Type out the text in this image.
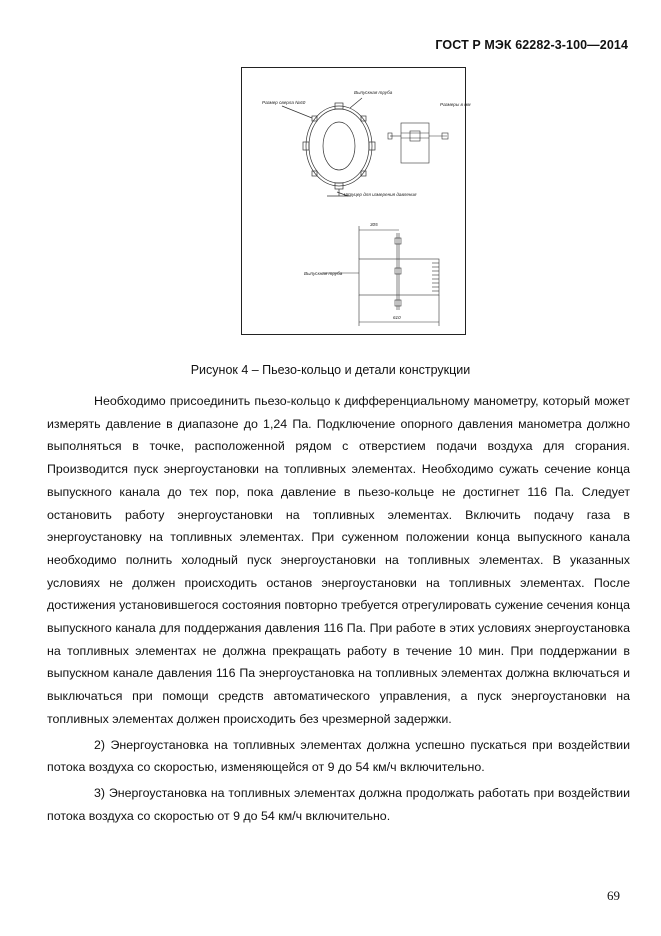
ГОСТ Р МЭК 62282-3-100—2014
Размер сверла №60
Выпускная труба
Размеры в мм
Штуцер для измерения давления
Выпускная труба
305
610
Рисунок 4 – Пьезо-кольцо и детали конструкции

Необходимо присоединить пьезо-кольцо к дифференциальному манометру, который может измерять давление в диапазоне до 1,24 Па. Подключение опорного давления манометра должно выполняться в точке, расположенной рядом с отверстием подачи воздуха для сгорания. Производится пуск энергоустановки на топливных элементах. Необходимо сужать сечение конца выпускного канала до тех пор, пока давление в пьезо-кольце не достигнет 116 Па. Следует остановить работу энергоустановки на топливных элементах. Включить подачу газа в энергоустановку на топливных элементах. При суженном положении конца выпускного канала необходимо полнить холодный пуск энергоустановки на топливных элементах. В указанных условиях не должен происходить останов энергоустановки на топливных элементах. После достижения установившегося состояния повторно требуется отрегулировать сужение сечения конца выпускного канала для поддержания давления 116 Па. При работе в этих условиях энергоустановка на топливных элементах не должна прекращать работу в течение 10 мин. При поддержании в выпускном канале давления 116 Па энергоустановка на топливных элементах должна включаться и выключаться при помощи средств автоматического управления, а пуск энергоустановки на топливных элементах должен происходить без чрезмерной задержки.

2) Энергоустановка на топливных элементах должна успешно пускаться при воздействии потока воздуха со скоростью, изменяющейся от 9 до 54 км/ч включительно.

3) Энергоустановка на топливных элементах должна продолжать работать при воздействии потока воздуха со скоростью от 9 до 54 км/ч включительно.

69
